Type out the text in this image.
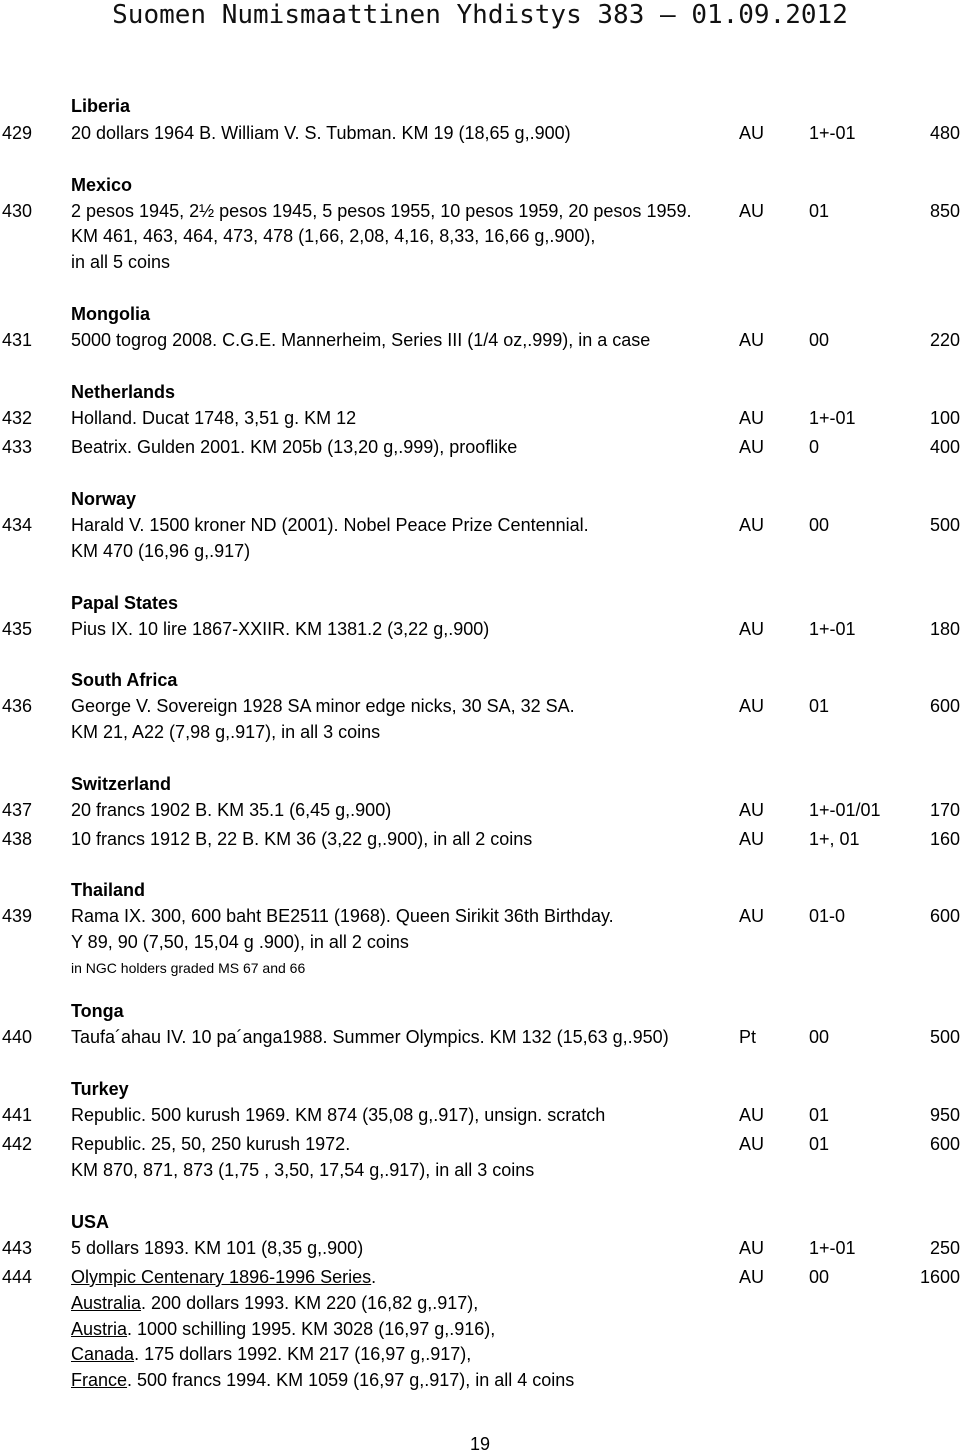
Suomen Numismaattinen Yhdistys 383 – 01.09.2012
Liberia
429 20 dollars 1964 B. William V. S. Tubman. KM 19 (18,65 g,.900)	AU 1+-01	480
Mexico
430 2 pesos 1945, 2½ pesos 1945, 5 pesos 1955, 10 pesos 1959, 20 pesos 1959.	AU 01	850
KM 461, 463, 464, 473, 478 (1,66, 2,08, 4,16, 8,33, 16,66 g,.900),
in all 5 coins
Mongolia
431 5000 togrog 2008. C.G.E. Mannerheim, Series III (1/4 oz,.999), in a case	AU 00	220
Netherlands
432 Holland. Ducat 1748, 3,51 g. KM 12	AU 1+-01	100
433 Beatrix. Gulden 2001. KM 205b (13,20 g,.999), prooflike	AU 0	400
Norway
434 Harald V. 1500 kroner ND (2001). Nobel Peace Prize Centennial.	AU 00	500
KM 470 (16,96 g,.917)
Papal States
435 Pius IX. 10 lire 1867-XXIIR. KM 1381.2 (3,22 g,.900)	AU 1+-01	180
South Africa
436 George V. Sovereign 1928 SA minor edge nicks, 30 SA, 32 SA.	AU 01	600
KM 21, A22 (7,98 g,.917), in all 3 coins
Switzerland
437 20 francs 1902 B. KM 35.1 (6,45 g,.900)	AU 1+-01/01	170
438 10 francs 1912 B, 22 B. KM 36 (3,22 g,.900), in all 2 coins	AU 1+, 01	160
Thailand
439 Rama IX. 300, 600 baht BE2511 (1968). Queen Sirikit 36th Birthday.	AU 01-0	600
Y 89, 90 (7,50, 15,04 g .900), in all 2 coins
in NGC holders graded MS 67 and 66
Tonga
440 Taufa´ahau IV. 10 pa´anga1988. Summer Olympics. KM 132 (15,63 g,.950)	Pt	00	500
Turkey
441 Republic. 500 kurush 1969. KM 874 (35,08 g,.917), unsign. scratch	AU 01	950
442 Republic. 25, 50, 250 kurush 1972.	AU 01	600
KM 870, 871, 873 (1,75 , 3,50, 17,54 g,.917), in all 3 coins
USA
443 5 dollars 1893. KM 101 (8,35 g,.900)	AU 1+-01	250
444 Olympic Centenary 1896-1996 Series.	AU 00	1600
Australia. 200 dollars 1993. KM 220 (16,82 g,.917),
Austria. 1000 schilling 1995. KM 3028 (16,97 g,.916),
Canada. 175 dollars 1992. KM 217 (16,97 g,.917),
France. 500 francs 1994. KM 1059 (16,97 g,.917), in all 4 coins
19
